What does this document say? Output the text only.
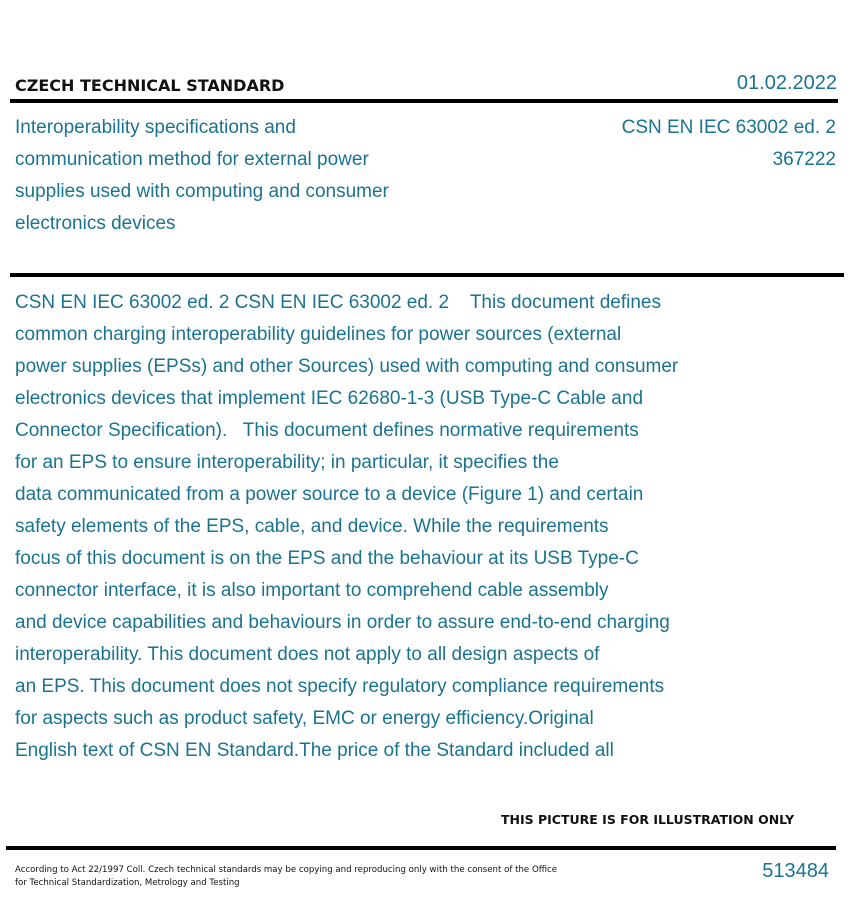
CZECH TECHNICAL STANDARD	01.02.2022
Interoperability specifications and
communication method for external power
supplies used with computing and consumer
electronics devices
CSN EN IEC 63002 ed. 2
367222
CSN EN IEC 63002 ed. 2 CSN EN IEC 63002 ed. 2    This document defines
common charging interoperability guidelines for power sources (external
power supplies (EPSs) and other Sources) used with computing and consumer
electronics devices that implement IEC 62680-1-3 (USB Type-C Cable and
Connector Specification).   This document defines normative requirements
for an EPS to ensure interoperability; in particular, it specifies the
data communicated from a power source to a device (Figure 1) and certain
safety elements of the EPS, cable, and device. While the requirements
focus of this document is on the EPS and the behaviour at its USB Type-C
connector interface, it is also important to comprehend cable assembly
and device capabilities and behaviours in order to assure end-to-end charging
interoperability. This document does not apply to all design aspects of
an EPS. This document does not specify regulatory compliance requirements
for aspects such as product safety, EMC or energy efficiency.Original
English text of CSN EN Standard.The price of the Standard included all
THIS PICTURE IS FOR ILLUSTRATION ONLY
According to Act 22/1997 Coll. Czech technical standards may be copying and reproducing only with the consent of the Office
for Technical Standardization, Metrology and Testing
513484
